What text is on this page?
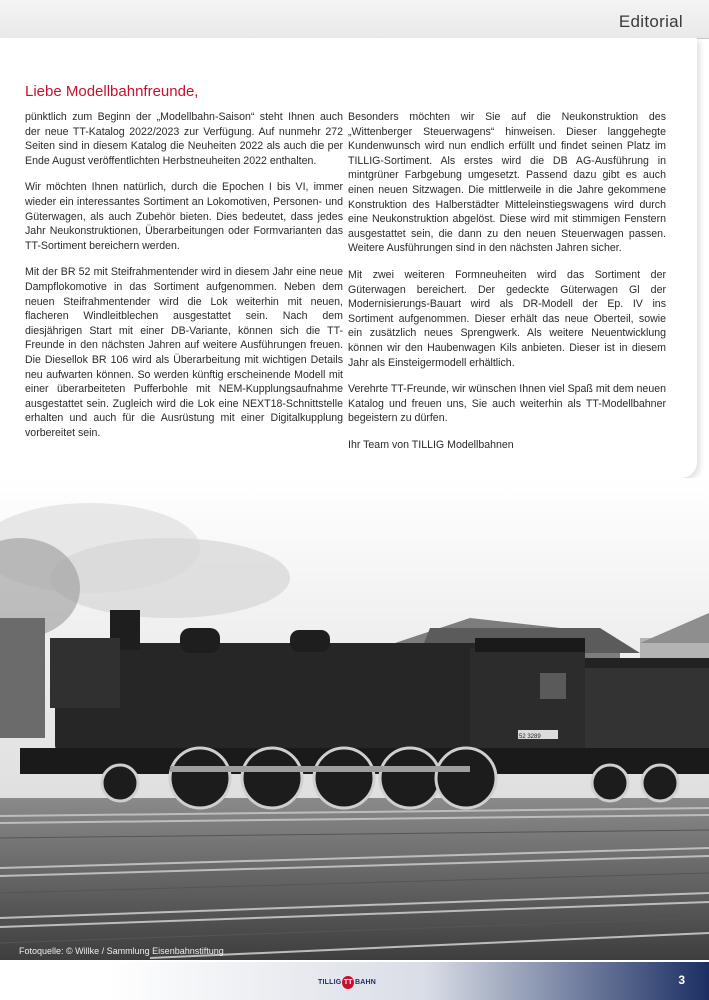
Editorial
Liebe Modellbahnfreunde,

pünktlich zum Beginn der „Modellbahn-Saison“ steht Ihnen auch der neue TT-Katalog 2022/2023 zur Verfügung. Auf nunmehr 272 Seiten sind in diesem Katalog die Neuheiten 2022 als auch die per Ende August veröffentlichten Herbstneuheiten 2022 enthalten.

Wir möchten Ihnen natürlich, durch die Epochen I bis VI, immer wieder ein interessantes Sortiment an Lokomotiven, Personen- und Güterwagen, als auch Zubehör bieten. Dies bedeutet, dass jedes Jahr Neukonstruktionen, Überarbeitungen oder Formvarianten das TT-Sortiment bereichern werden.

Mit der BR 52 mit Steifrahmentender wird in diesem Jahr eine neue Dampflokomotive in das Sortiment aufgenommen. Neben dem neuen Steifrahmentender wird die Lok weiterhin mit neuen, flacheren Windleitblechen ausgestattet sein. Nach dem diesjährigen Start mit einer DB-Variante, können sich die TT-Freunde in den nächsten Jahren auf weitere Ausführungen freuen. Die Diesellok BR 106 wird als Überarbeitung mit wichtigen Details neu aufwarten können. So werden künftig erscheinende Modell mit einer überarbeiteten Pufferbohle mit NEM-Kupplungsaufnahme ausgestattet sein. Zugleich wird die Lok eine NEXT18-Schnittstelle erhalten und auch für die Ausrüstung mit einer Digitalkupplung vorbereitet sein.

Besonders möchten wir Sie auf die Neukonstruktion des „Wittenberger Steuerwagens“ hinweisen. Dieser langgehegte Kundenwunsch wird nun endlich erfüllt und findet seinen Platz im TILLIG-Sortiment. Als erstes wird die DB AG-Ausführung in mintgrüner Farbgebung umgesetzt. Passend dazu gibt es auch einen neuen Sitzwagen. Die mittlerweile in die Jahre gekommene Konstruktion des Halberstädter Mitteleinstiegswagens wird durch eine Neukonstruktion abgelöst. Diese wird mit stimmigen Fenstern ausgestattet sein, die dann zu den neuen Steuerwagen passen. Weitere Ausführungen sind in den nächsten Jahren sicher.

Mit zwei weiteren Formneuheiten wird das Sortiment der Güterwagen bereichert. Der gedeckte Güterwagen Gl der Modernisierungs-Bauart wird als DR-Modell der Ep. IV ins Sortiment aufgenommen. Dieser erhält das neue Oberteil, sowie ein zusätzlich neues Sprengwerk. Als weitere Neuentwicklung können wir den Haubenwagen Kils anbieten. Dieser ist in diesem Jahr als Einsteigermodell erhältlich.

Verehrte TT-Freunde, wir wünschen Ihnen viel Spaß mit dem neuen Katalog und freuen uns, Sie auch weiterhin als TT-Modellbahner begeistern zu dürfen.

Ihr Team von TILLIG Modellbahnen

52 3289
Fotoquelle: © Willke / Sammlung Eisenbahnstiftung
TILLIG TT BAHN	3
